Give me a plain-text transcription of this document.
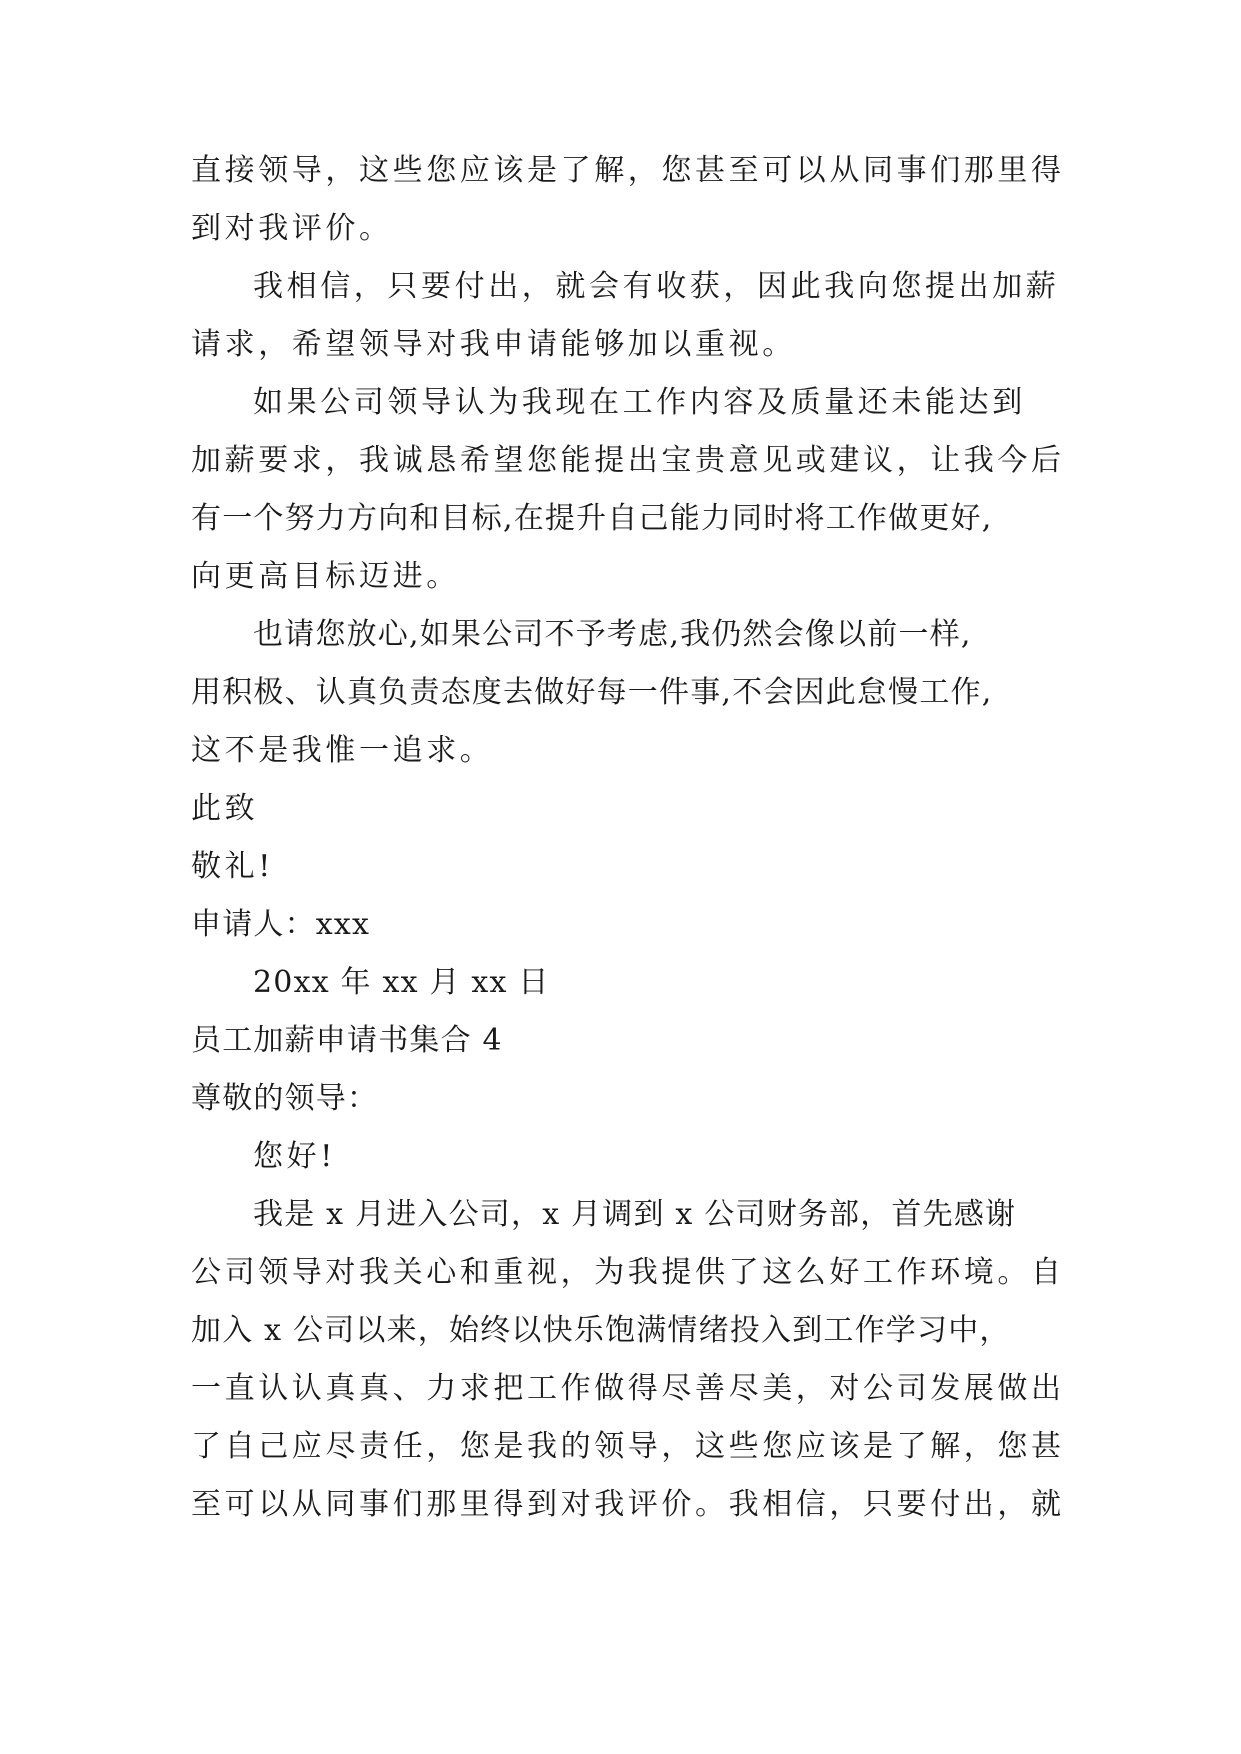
直接领导，这些您应该是了解，您甚至可以从同事们那里得
到对我评价。
我相信，只要付出，就会有收获，因此我向您提出加薪
请求，希望领导对我申请能够加以重视。
如果公司领导认为我现在工作内容及质量还未能达到
加薪要求，我诚恳希望您能提出宝贵意见或建议，让我今后
有一个努力方向和目标,在提升自己能力同时将工作做更好,
向更高目标迈进。
也请您放心,如果公司不予考虑,我仍然会像以前一样,
用积极、认真负责态度去做好每一件事,不会因此怠慢工作,
这不是我惟一追求。
此致
敬礼!
申请人：xxx
20xx 年 xx 月 xx 日
员工加薪申请书集合 4
尊敬的领导：
您好!
我是 x 月进入公司，x 月调到 x 公司财务部，首先感谢
公司领导对我关心和重视，为我提供了这么好工作环境。自
加入 x 公司以来，始终以快乐饱满情绪投入到工作学习中，
一直认认真真、力求把工作做得尽善尽美，对公司发展做出
了自己应尽责任，您是我的领导，这些您应该是了解，您甚
至可以从同事们那里得到对我评价。我相信，只要付出，就
